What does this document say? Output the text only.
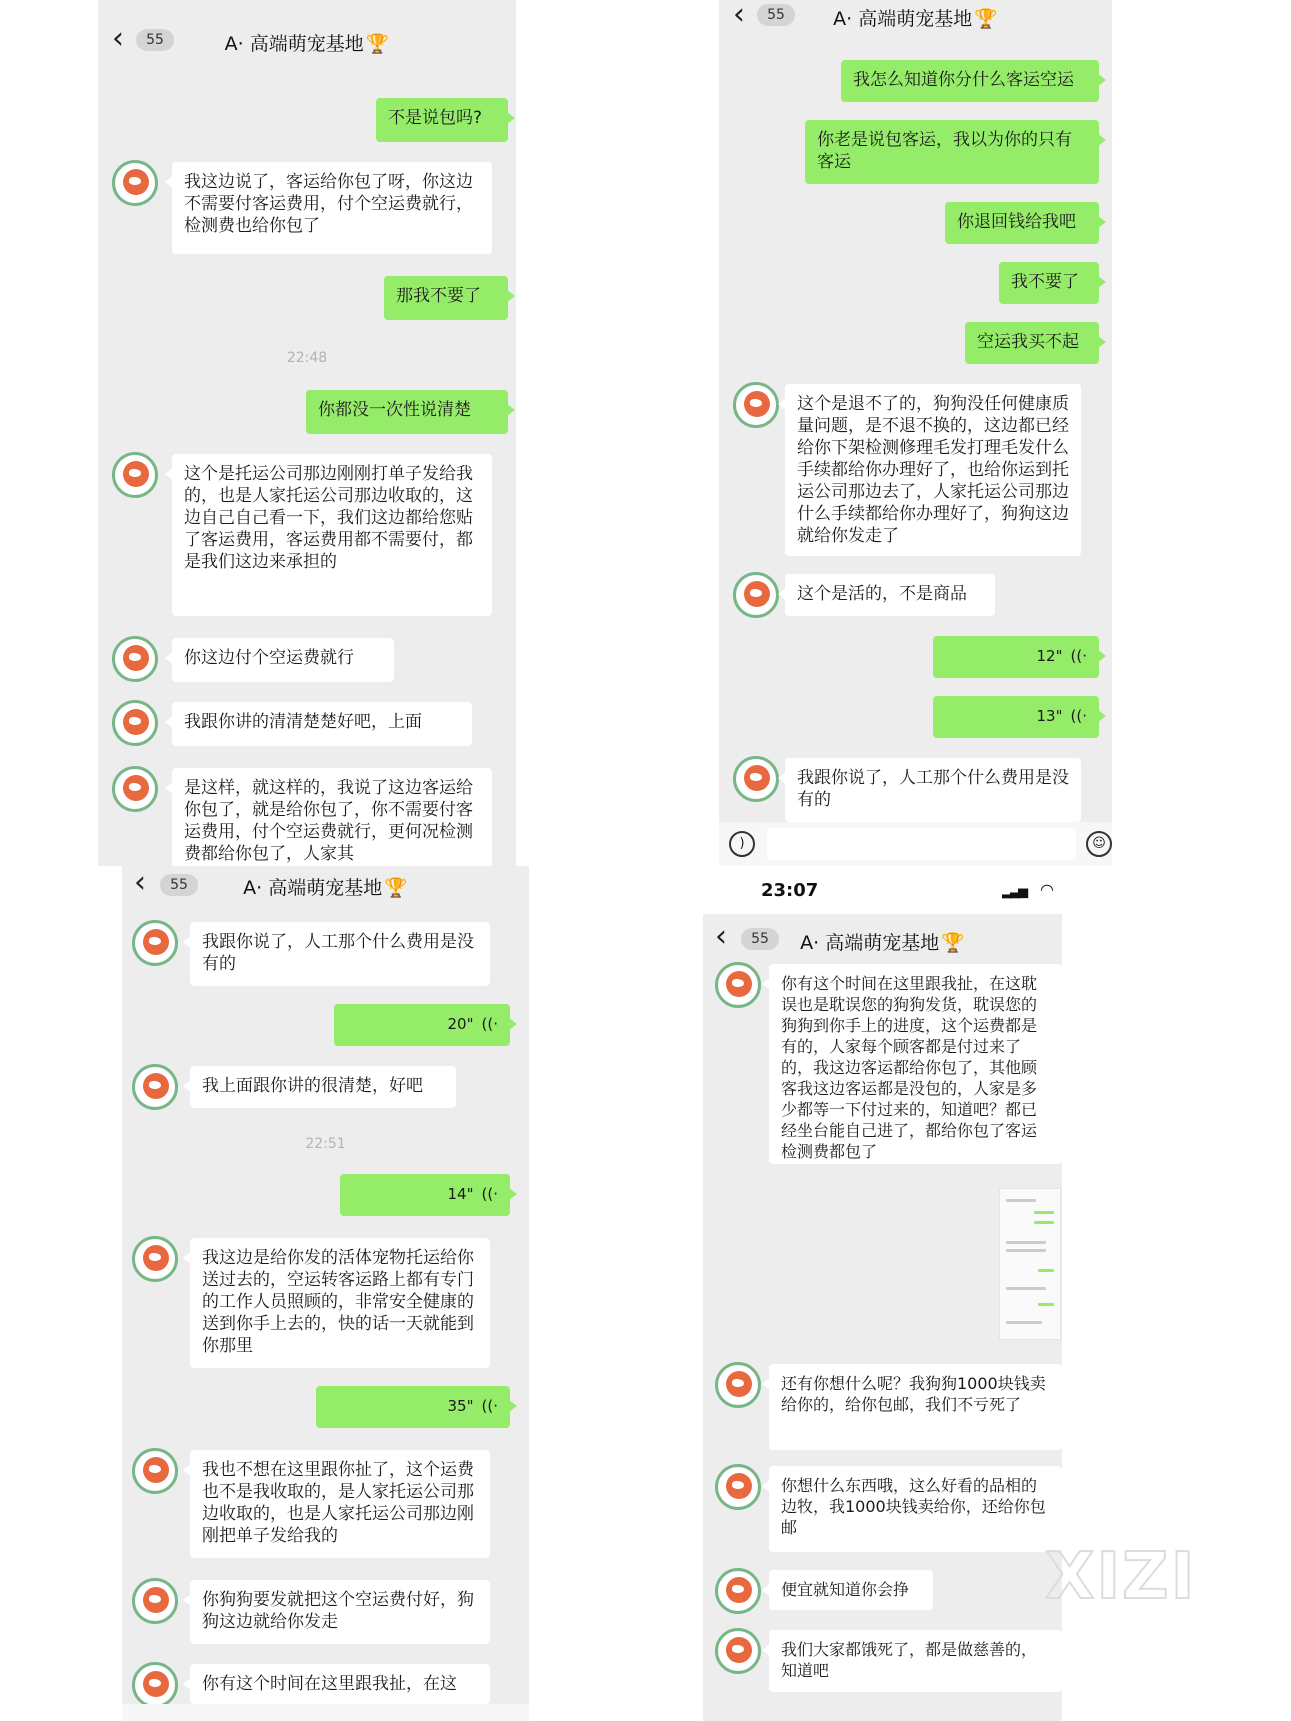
‹	55	A· 高端萌宠基地 🏆
不是说包吗?
我这边说了，客运给你包了呀，你这边不需要付客运费用，付个空运费就行，检测费也给你包了
那我不要了
22:48
你都没一次性说清楚
这个是托运公司那边刚刚打单子发给我的，也是人家托运公司那边收取的，这边自己自己看一下，我们这边都给您贴了客运费用，客运费用都不需要付，都是我们这边来承担的
你这边付个空运费就行
我跟你讲的清清楚楚好吧，上面
是这样，就这样的，我说了这边客运给你包了，就是给你包了，你不需要付客运费用，付个空运费就行，更何况检测费都给你包了，人家其
‹	55	A· 高端萌宠基地 🏆
我怎么知道你分什么客运空运
你老是说包客运，我以为你的只有客运
你退回钱给我吧
我不要了
空运我买不起
这个是退不了的，狗狗没任何健康质量问题，是不退不换的，这边都已经给你下架检测修理毛发打理毛发什么手续都给你办理好了，也给你运到托运公司那边去了，人家托运公司那边什么手续都给你办理好了，狗狗这边就给你发走了
这个是活的，不是商品
12" ((·
13" ((·
我跟你说了，人工那个什么费用是没有的
)	☺
‹	55	A· 高端萌宠基地 🏆
我跟你说了，人工那个什么费用是没有的
20" ((·
我上面跟你讲的很清楚，好吧
22:51
14" ((·
我这边是给你发的活体宠物托运给你送过去的，空运转客运路上都有专门的工作人员照顾的，非常安全健康的送到你手上去的，快的话一天就能到你那里
35" ((·
我也不想在这里跟你扯了，这个运费也不是我收取的，是人家托运公司那边收取的，也是人家托运公司那边刚刚把单子发给我的
你狗狗要发就把这个空运费付好，狗狗这边就给你发走
你有这个时间在这里跟我扯，在这
23:07	▂▃▅ ◠
‹	55	A· 高端萌宠基地 🏆
你有这个时间在这里跟我扯，在这耽误也是耽误您的狗狗发货，耽误您的狗狗到你手上的进度，这个运费都是有的，人家每个顾客都是付过来了的，我这边客运都给你包了，其他顾客我这边客运都是没包的，人家是多少都等一下付过来的，知道吧？都已经坐台能自己进了，都给你包了客运检测费都包了
还有你想什么呢？我狗狗1000块钱卖给你的，给你包邮，我们不亏死了
你想什么东西哦，这么好看的品相的边牧，我1000块钱卖给你，还给你包邮
便宜就知道你会挣
我们大家都饿死了，都是做慈善的，知道吧
XIZI
